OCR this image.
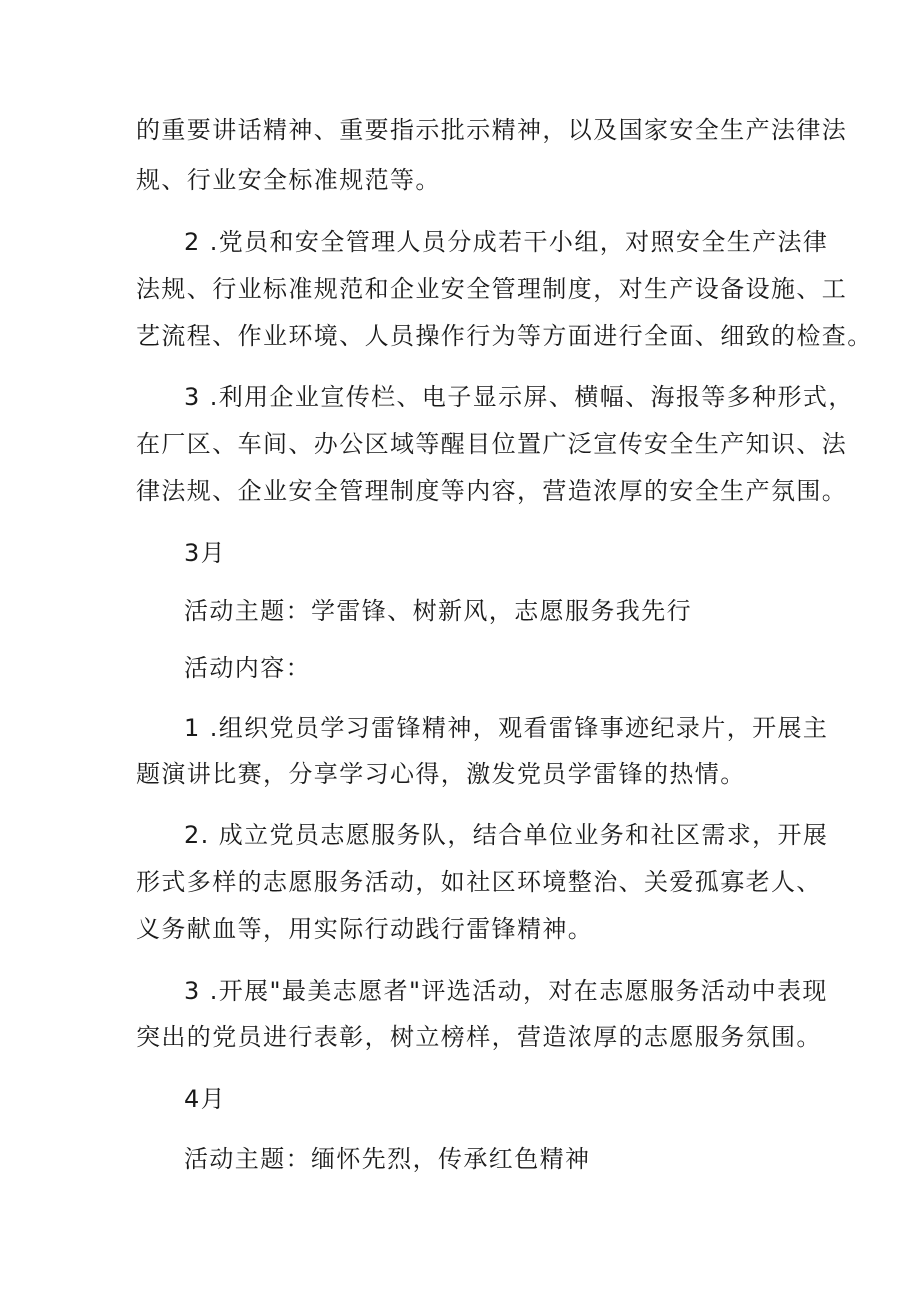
的重要讲话精神、重要指示批示精神，以及国家安全生产法律法
规、行业安全标准规范等。
2 .党员和安全管理人员分成若干小组，对照安全生产法律
法规、行业标准规范和企业安全管理制度，对生产设备设施、工
艺流程、作业环境、人员操作行为等方面进行全面、细致的检查。
3 .利用企业宣传栏、电子显示屏、横幅、海报等多种形式，
在厂区、车间、办公区域等醒目位置广泛宣传安全生产知识、法
律法规、企业安全管理制度等内容，营造浓厚的安全生产氛围。
3月
活动主题：学雷锋、树新风，志愿服务我先行
活动内容：
1 .组织党员学习雷锋精神，观看雷锋事迹纪录片，开展主
题演讲比赛，分享学习心得，激发党员学雷锋的热情。
2. 成立党员志愿服务队，结合单位业务和社区需求，开展
形式多样的志愿服务活动，如社区环境整治、关爱孤寡老人、
义务献血等，用实际行动践行雷锋精神。
3 .开展"最美志愿者"评选活动，对在志愿服务活动中表现
突出的党员进行表彰，树立榜样，营造浓厚的志愿服务氛围。
4月
活动主题：缅怀先烈，传承红色精神
